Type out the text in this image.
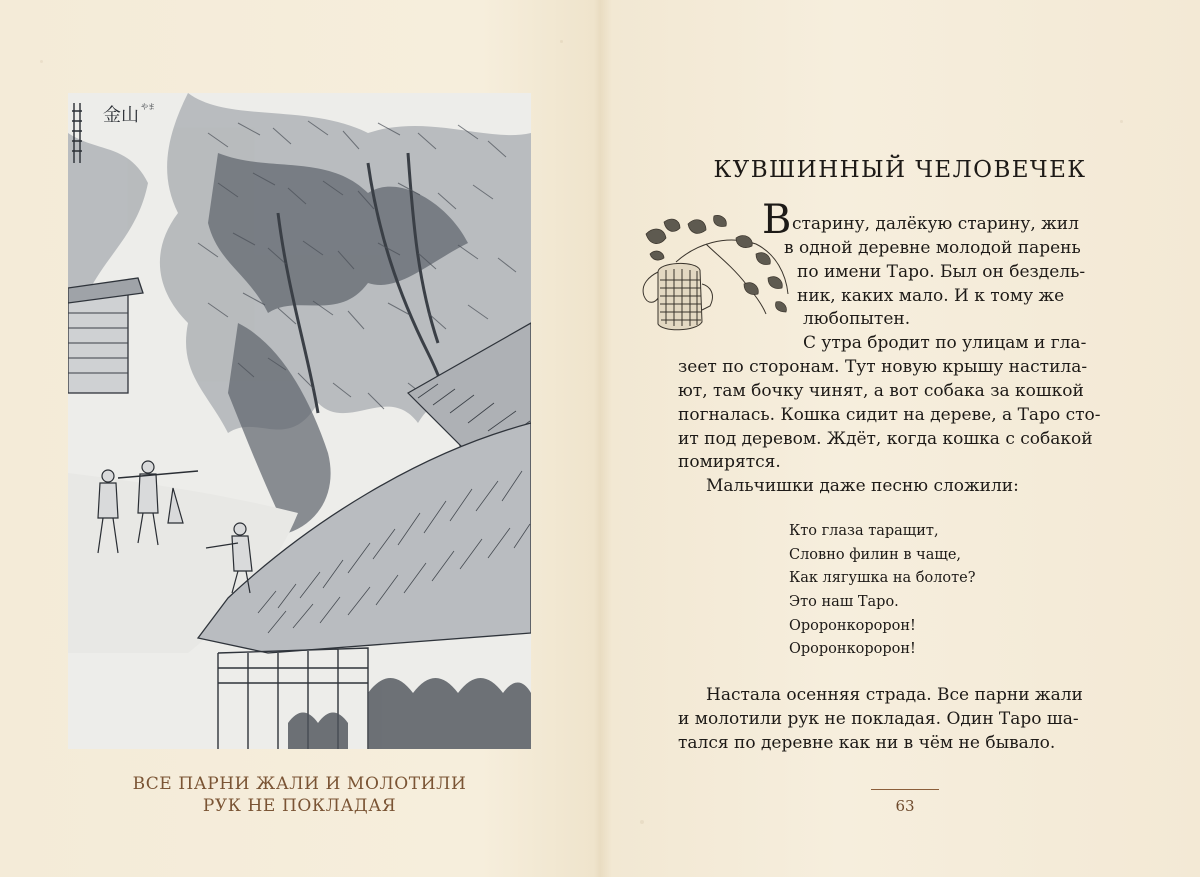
金山 やま
ВСЕ ПАРНИ ЖАЛИ И МОЛОТИЛИ
РУК НЕ ПОКЛАДАЯ
КУВШИННЫЙ ЧЕЛОВЕЧЕК
В старину, далёкую старину, жил
в одной деревне молодой парень
по имени Таро. Был он бездель-
ник, каких мало. И к тому же
любопытен.
С утра бродит по улицам и гла-
зеет по сторонам. Тут новую крышу настила-
ют, там бочку чинят, а вот собака за кошкой
погналась. Кошка сидит на дереве, а Таро сто-
ит под деревом. Ждёт, когда кошка с собакой
помирятся.
Мальчишки даже песню сложили:
Кто глаза таращит,
Словно филин в чаще,
Как лягушка на болоте?
Это наш Таро.
Ороронкоророн!
Ороронкоророн!
Настала осенняя страда. Все парни жали
и молотили рук не покладая. Один Таро ша-
тался по деревне как ни в чём не бывало.
63
